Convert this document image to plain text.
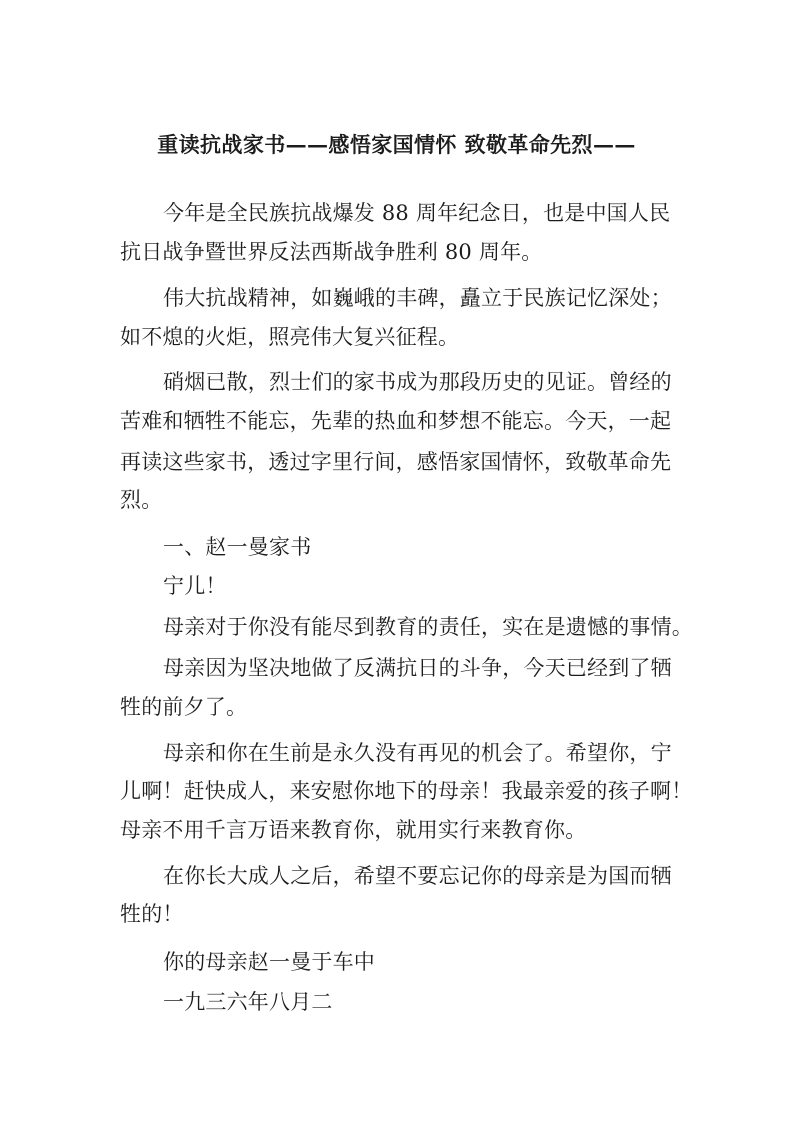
重读抗战家书——感悟家国情怀 致敬革命先烈——
今年是全民族抗战爆发 88 周年纪念日，也是中国人民
抗日战争暨世界反法西斯战争胜利 80 周年。
伟大抗战精神，如巍峨的丰碑，矗立于民族记忆深处；
如不熄的火炬，照亮伟大复兴征程。
硝烟已散，烈士们的家书成为那段历史的见证。曾经的
苦难和牺牲不能忘，先辈的热血和梦想不能忘。今天，一起
再读这些家书，透过字里行间，感悟家国情怀，致敬革命先
烈。
一、赵一曼家书
宁儿！
母亲对于你没有能尽到教育的责任，实在是遗憾的事情。
母亲因为坚决地做了反满抗日的斗争，今天已经到了牺
牲的前夕了。
母亲和你在生前是永久没有再见的机会了。希望你，宁
儿啊！赶快成人，来安慰你地下的母亲！我最亲爱的孩子啊！
母亲不用千言万语来教育你，就用实行来教育你。
在你长大成人之后，希望不要忘记你的母亲是为国而牺
牲的！
你的母亲赵一曼于车中
一九三六年八月二
